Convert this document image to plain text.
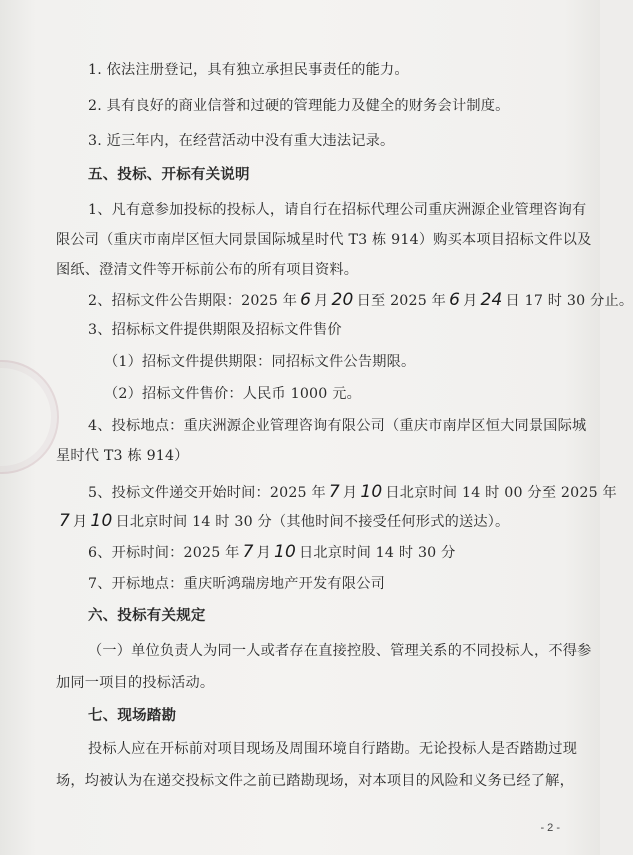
1. 依法注册登记，具有独立承担民事责任的能力。
2. 具有良好的商业信誉和过硬的管理能力及健全的财务会计制度。
3. 近三年内，在经营活动中没有重大违法记录。
五、投标、开标有关说明
1、凡有意参加投标的投标人，请自行在招标代理公司重庆洲源企业管理咨询有
限公司（重庆市南岸区恒大同景国际城星时代 T3 栋 914）购买本项目招标文件以及
图纸、澄清文件等开标前公布的所有项目资料。
2、招标文件公告期限：2025 年 6 月 20 日至 2025 年 6 月 24 日 17 时 30 分止。
3、招标标文件提供期限及招标文件售价
（1）招标文件提供期限：同招标文件公告期限。
（2）招标文件售价：人民币 1000 元。
4、投标地点：重庆洲源企业管理咨询有限公司（重庆市南岸区恒大同景国际城
星时代 T3 栋 914）
5、投标文件递交开始时间：2025 年 7 月 10 日北京时间 14 时 00 分至 2025 年
7 月 10 日北京时间 14 时 30 分（其他时间不接受任何形式的送达）。
6、开标时间：2025 年 7 月 10 日北京时间 14 时 30 分
7、开标地点：重庆昕鸿瑞房地产开发有限公司
六、投标有关规定
（一）单位负责人为同一人或者存在直接控股、管理关系的不同投标人，不得参
加同一项目的投标活动。
七、现场踏勘
投标人应在开标前对项目现场及周围环境自行踏勘。无论投标人是否踏勘过现
场，均被认为在递交投标文件之前已踏勘现场，对本项目的风险和义务已经了解，
- 2 -
